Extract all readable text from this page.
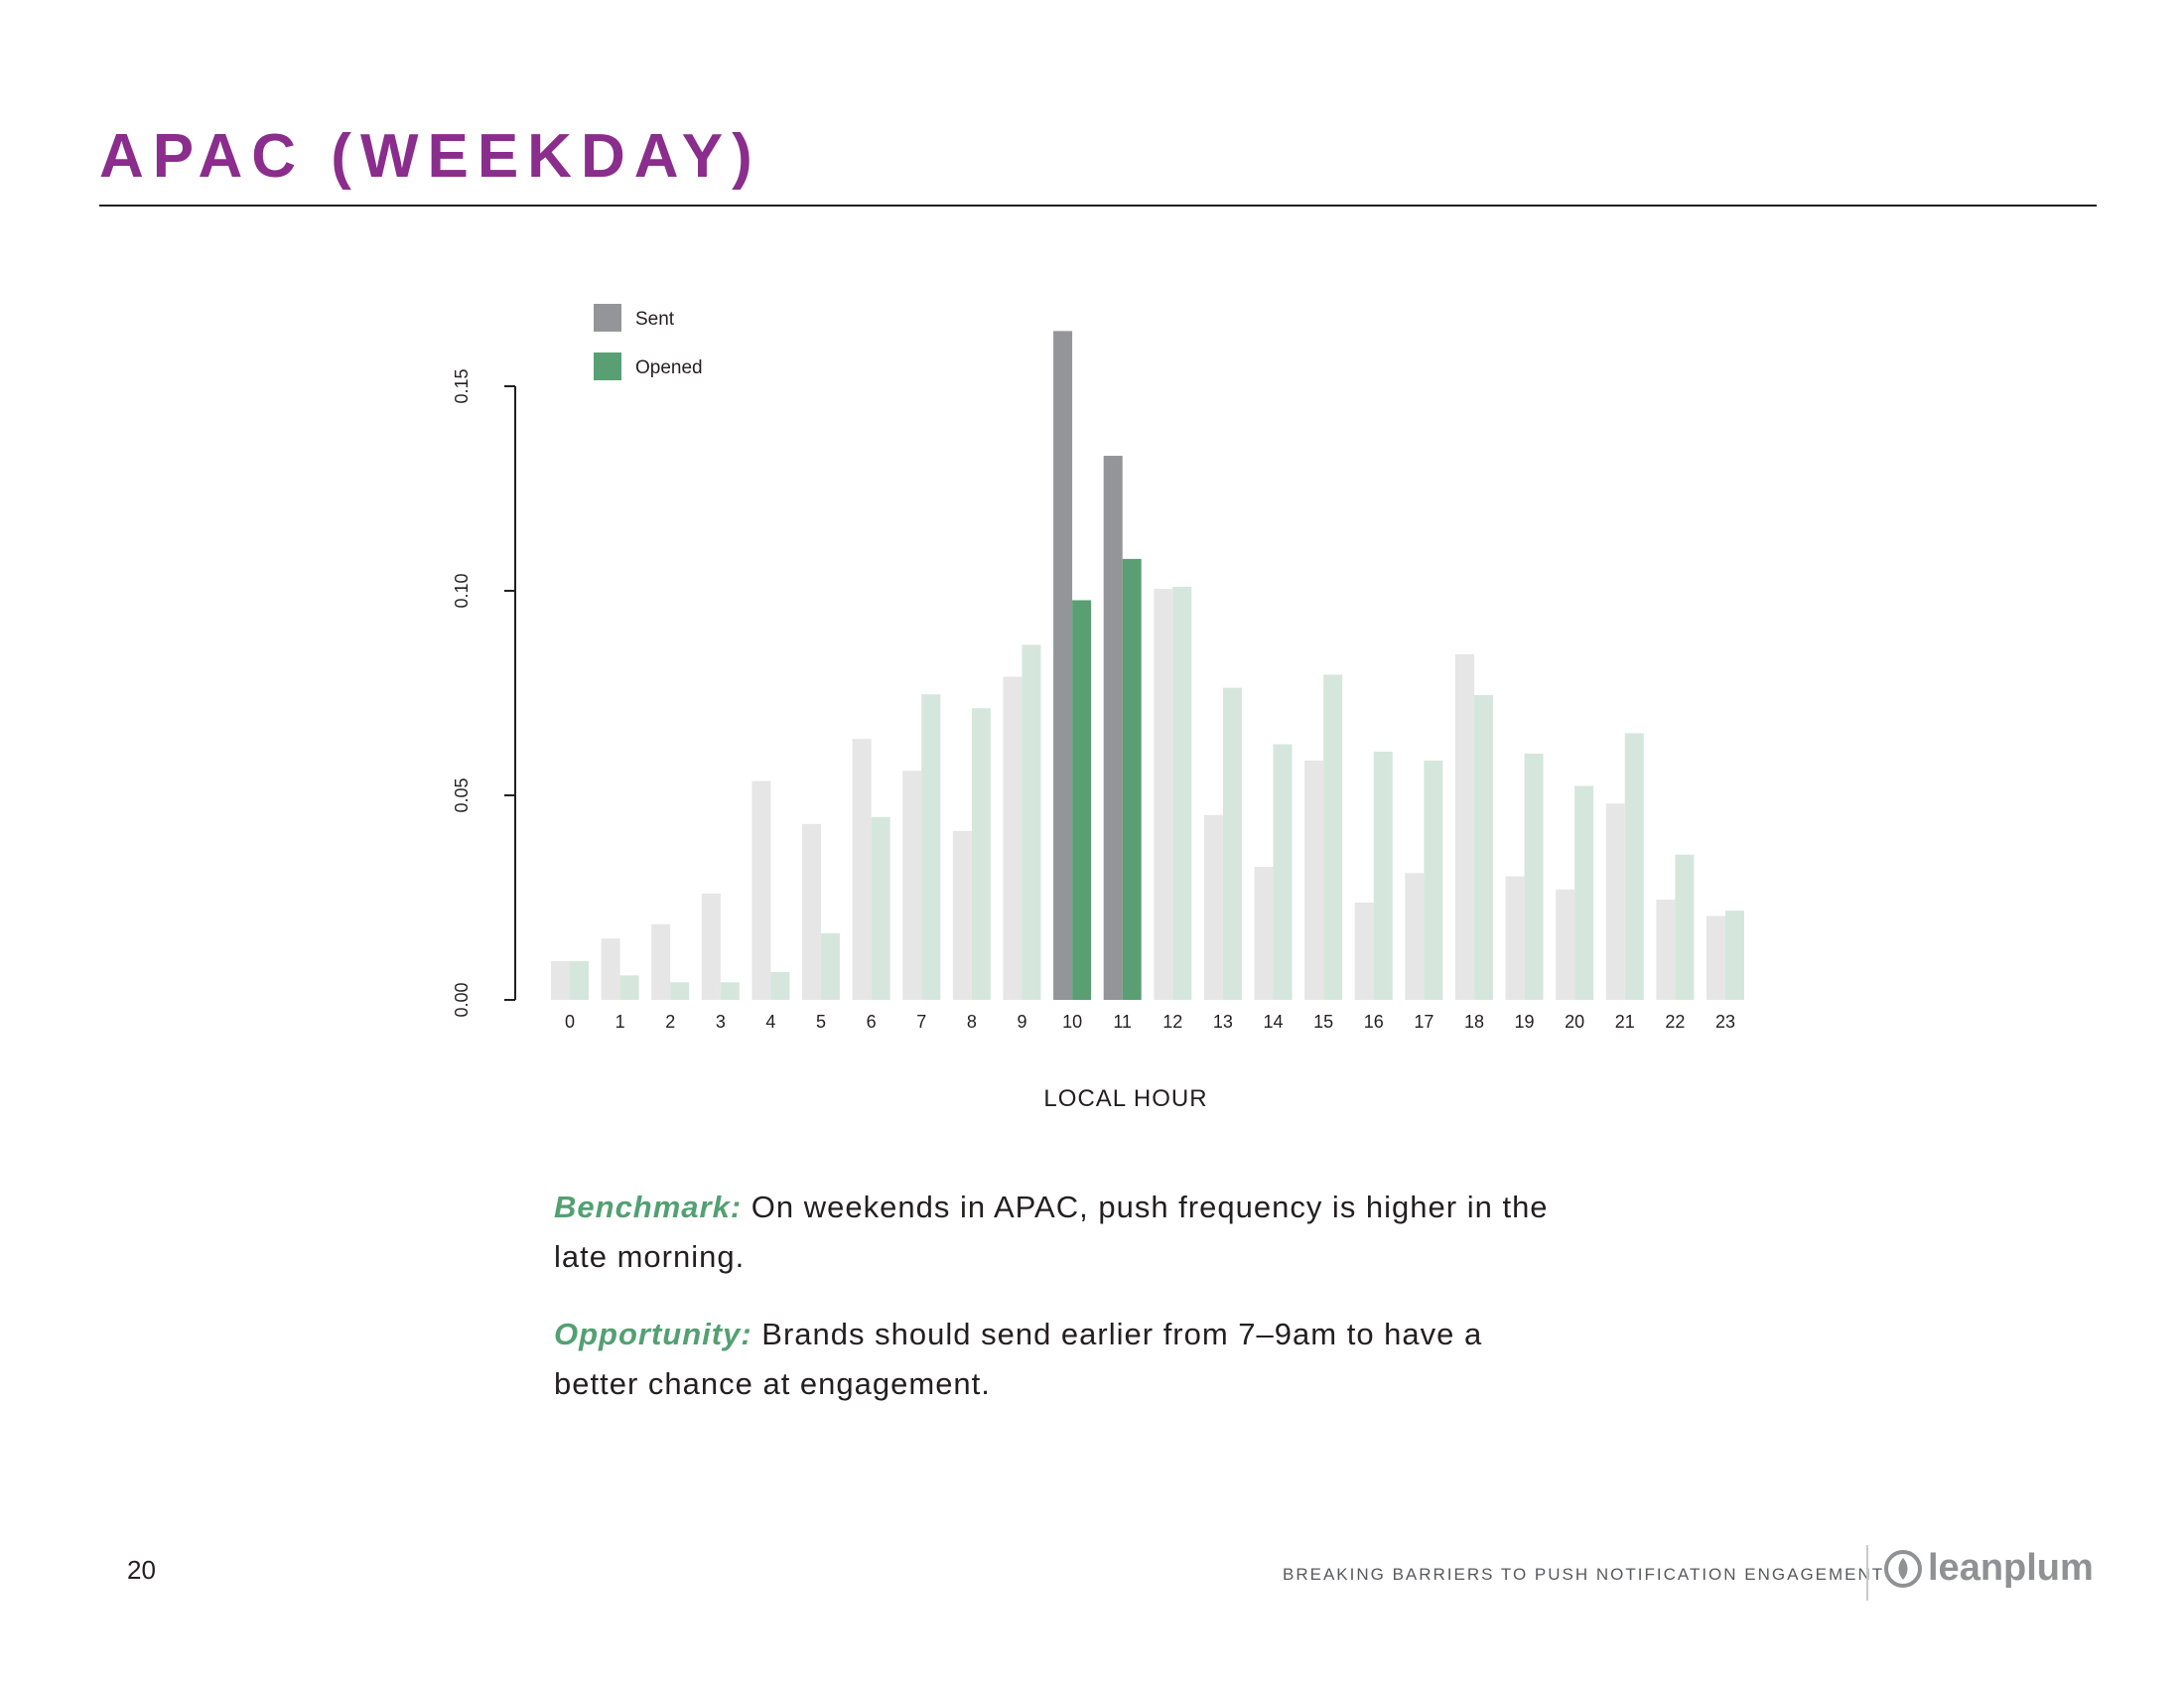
APAC (WEEKDAY)
Sent
Opened
0.00
0.05
0.10
0.15
0 1 2 3 4 5 6 7 8 9 10 11 12 13 14 15 16 17 18 19 20 21 22 23
LOCAL HOUR
Benchmark: On weekends in APAC, push frequency is higher in the late morning.
Opportunity: Brands should send earlier from 7–9am to have a better chance at engagement.
20	BREAKING BARRIERS TO PUSH NOTIFICATION ENGAGEMENT leanplum
